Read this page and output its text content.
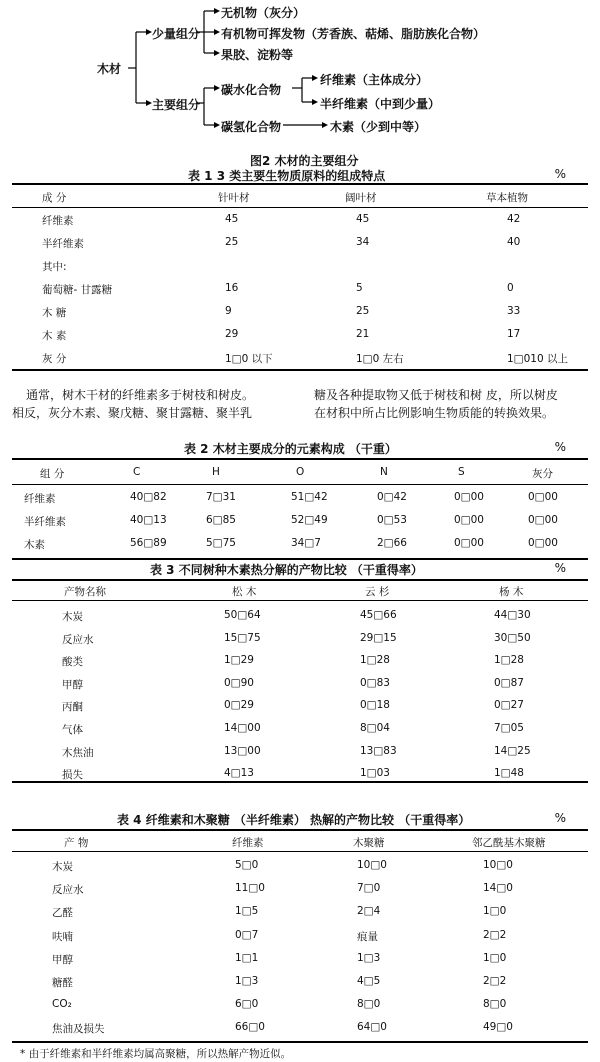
木材
少量组分
主要组分
无机物（灰分）
有机物可挥发物（芳香族、萜烯、脂肪族化合物）
果胶、淀粉等
碳水化合物
纤维素（主体成分）
半纤维素（中到少量）
碳氢化合物	木素（少到中等）
图2 木材的主要组分
表 1 3 类主要生物质原料的组成特点	%
成 分	针叶材	阔叶材	草本植物
纤维素	45	45	42
半纤维素	25	34	40
其中:
葡萄糖- 甘露糖	16	5	0
木 糖	9	25	33
木 素	29	21	17
灰 分	1□0 以下	1□0 左右	1□010 以上
通常，树木干材的纤维素多于树枝和树皮。
相反，灰分木素、聚戊糖、聚甘露糖、聚半乳
糖及各种提取物又低于树枝和树 皮，所以树皮
在材积中所占比例影响生物质能的转换效果。
表 2 木材主要成分的元素构成 （干重）	%
组 分	C	H	O	N	S	灰分
纤维素	40□82	7□31	51□42	0□42	0□00	0□00
半纤维素	40□13	6□85	52□49	0□53	0□00	0□00
木素	56□89	5□75	34□7	2□66	0□00	0□00
表 3 不同树种木素热分解的产物比较 （干重得率）	%
产物名称	松 木	云 杉	杨 木
木炭	50□64	45□66	44□30
反应水	15□75	29□15	30□50
酸类	1□29	1□28	1□28
甲醇	0□90	0□83	0□87
丙酮	0□29	0□18	0□27
气体	14□00	8□04	7□05
木焦油	13□00	13□83	14□25
损失	4□13	1□03	1□48
表 4 纤维素和木聚糖 （半纤维素） 热解的产物比较 （干重得率）	%
产 物	纤维素	木聚糖	邻乙酰基木聚糖
木炭	5□0	10□0	10□0
反应水	11□0	7□0	14□0
乙醛	1□5	2□4	1□0
呋喃	0□7	痕量	2□2
甲醇	1□1	1□3	1□0
糖醛	1□3	4□5	2□2
CO₂	6□0	8□0	8□0
焦油及损失	66□0	64□0	49□0
* 由于纤维素和半纤维素均属高聚糖，所以热解产物近似。
